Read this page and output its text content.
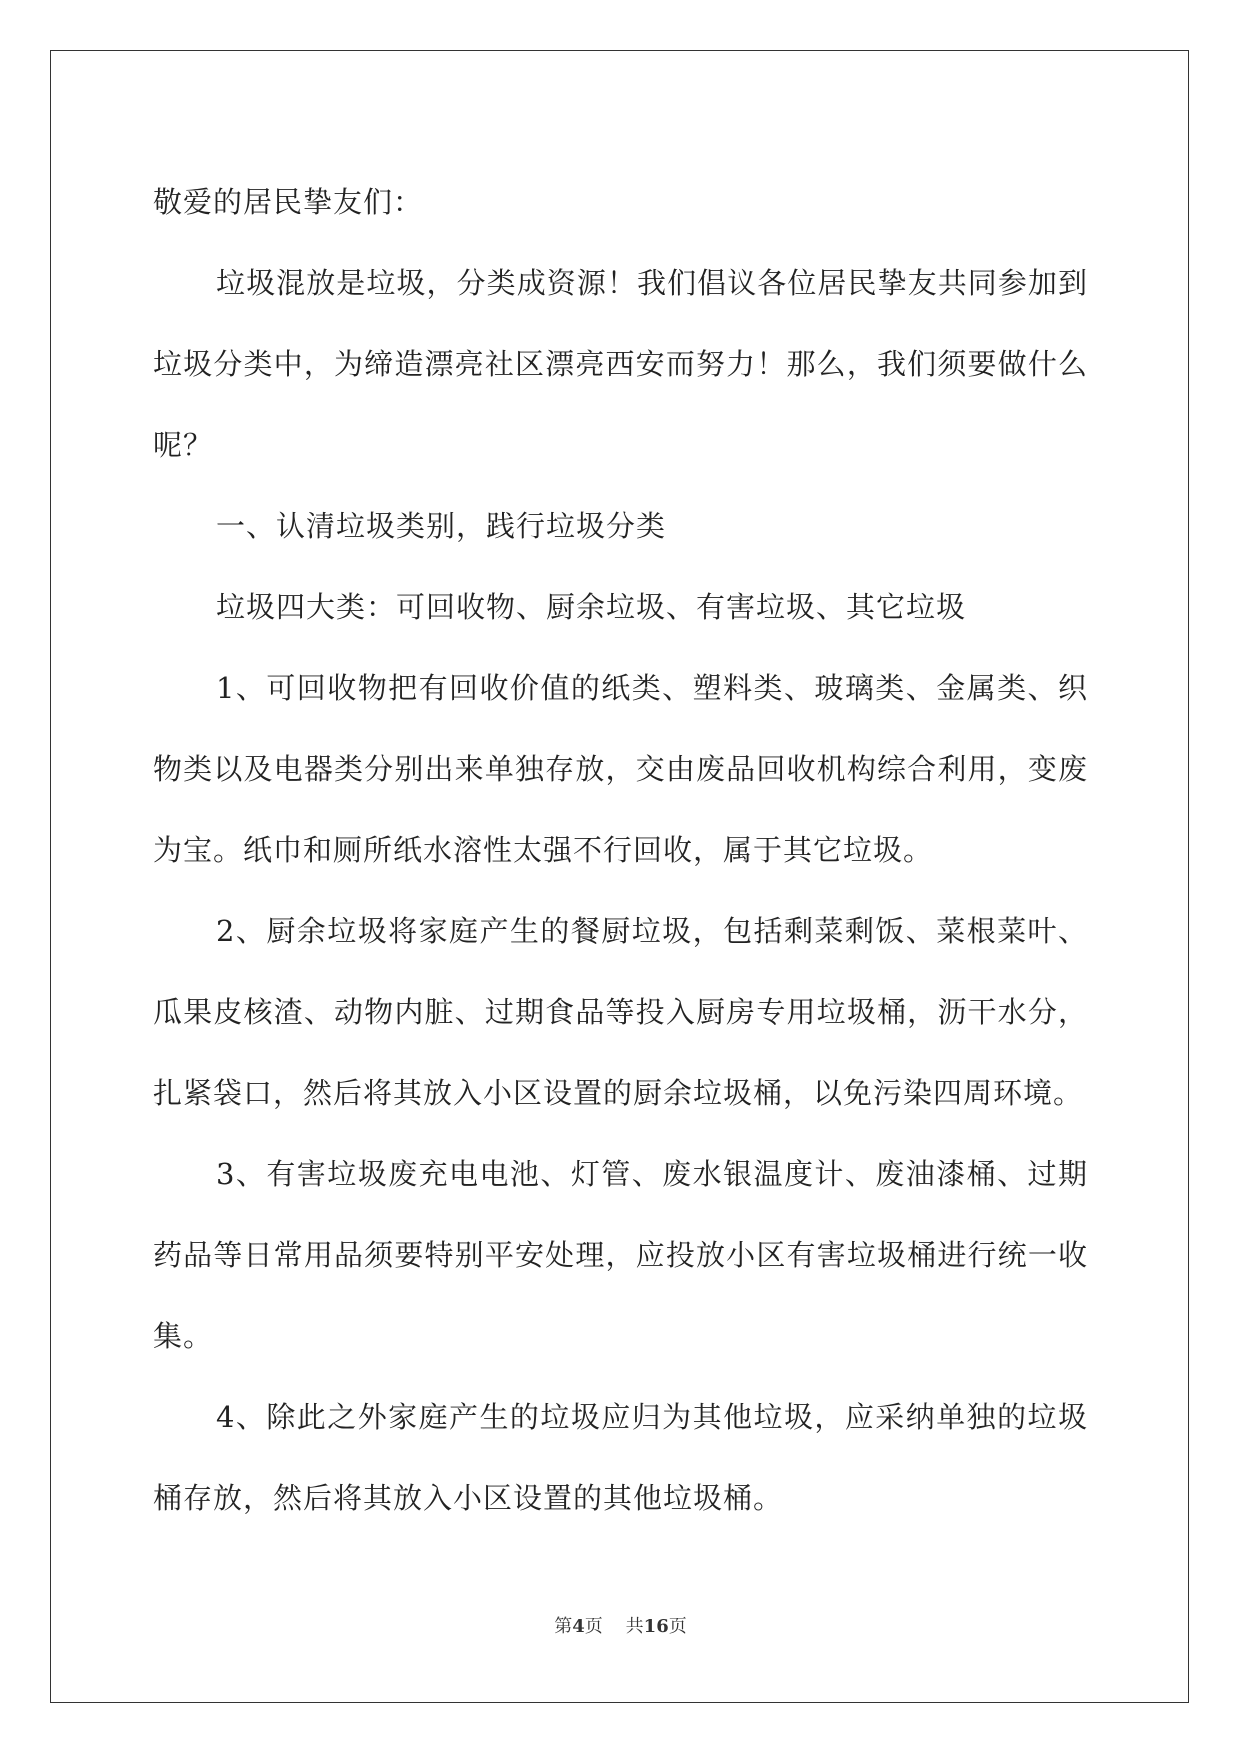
敬爱的居民挚友们：

垃圾混放是垃圾，分类成资源！我们倡议各位居民挚友共同参加到垃圾分类中，为缔造漂亮社区漂亮西安而努力！那么，我们须要做什么呢？

一、认清垃圾类别，践行垃圾分类

垃圾四大类：可回收物、厨余垃圾、有害垃圾、其它垃圾

1、可回收物把有回收价值的纸类、塑料类、玻璃类、金属类、织物类以及电器类分别出来单独存放，交由废品回收机构综合利用，变废为宝。纸巾和厕所纸水溶性太强不行回收，属于其它垃圾。

2、厨余垃圾将家庭产生的餐厨垃圾，包括剩菜剩饭、菜根菜叶、瓜果皮核渣、动物内脏、过期食品等投入厨房专用垃圾桶，沥干水分，扎紧袋口，然后将其放入小区设置的厨余垃圾桶，以免污染四周环境。

3、有害垃圾废充电电池、灯管、废水银温度计、废油漆桶、过期药品等日常用品须要特别平安处理，应投放小区有害垃圾桶进行统一收集。

4、除此之外家庭产生的垃圾应归为其他垃圾，应采纳单独的垃圾桶存放，然后将其放入小区设置的其他垃圾桶。

第4页 共16页
